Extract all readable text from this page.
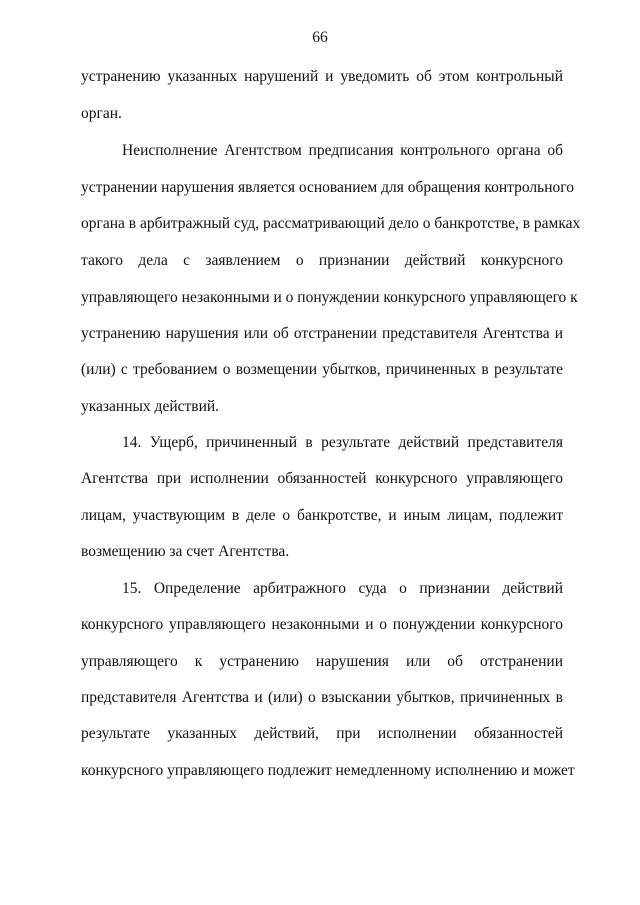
66
устранению указанных нарушений и уведомить об этом контрольный
орган.
Неисполнение Агентством предписания контрольного органа об
устранении нарушения является основанием для обращения контрольного
органа в арбитражный суд, рассматривающий дело о банкротстве, в рамках
такого дела с заявлением о признании действий конкурсного
управляющего незаконными и о понуждении конкурсного управляющего к
устранению нарушения или об отстранении представителя Агентства и
(или) с требованием о возмещении убытков, причиненных в результате
указанных действий.
14. Ущерб, причиненный в результате действий представителя
Агентства при исполнении обязанностей конкурсного управляющего
лицам, участвующим в деле о банкротстве, и иным лицам, подлежит
возмещению за счет Агентства.
15. Определение арбитражного суда о признании действий
конкурсного управляющего незаконными и о понуждении конкурсного
управляющего к устранению нарушения или об отстранении
представителя Агентства и (или) о взыскании убытков, причиненных в
результате указанных действий, при исполнении обязанностей
конкурсного управляющего подлежит немедленному исполнению и может
